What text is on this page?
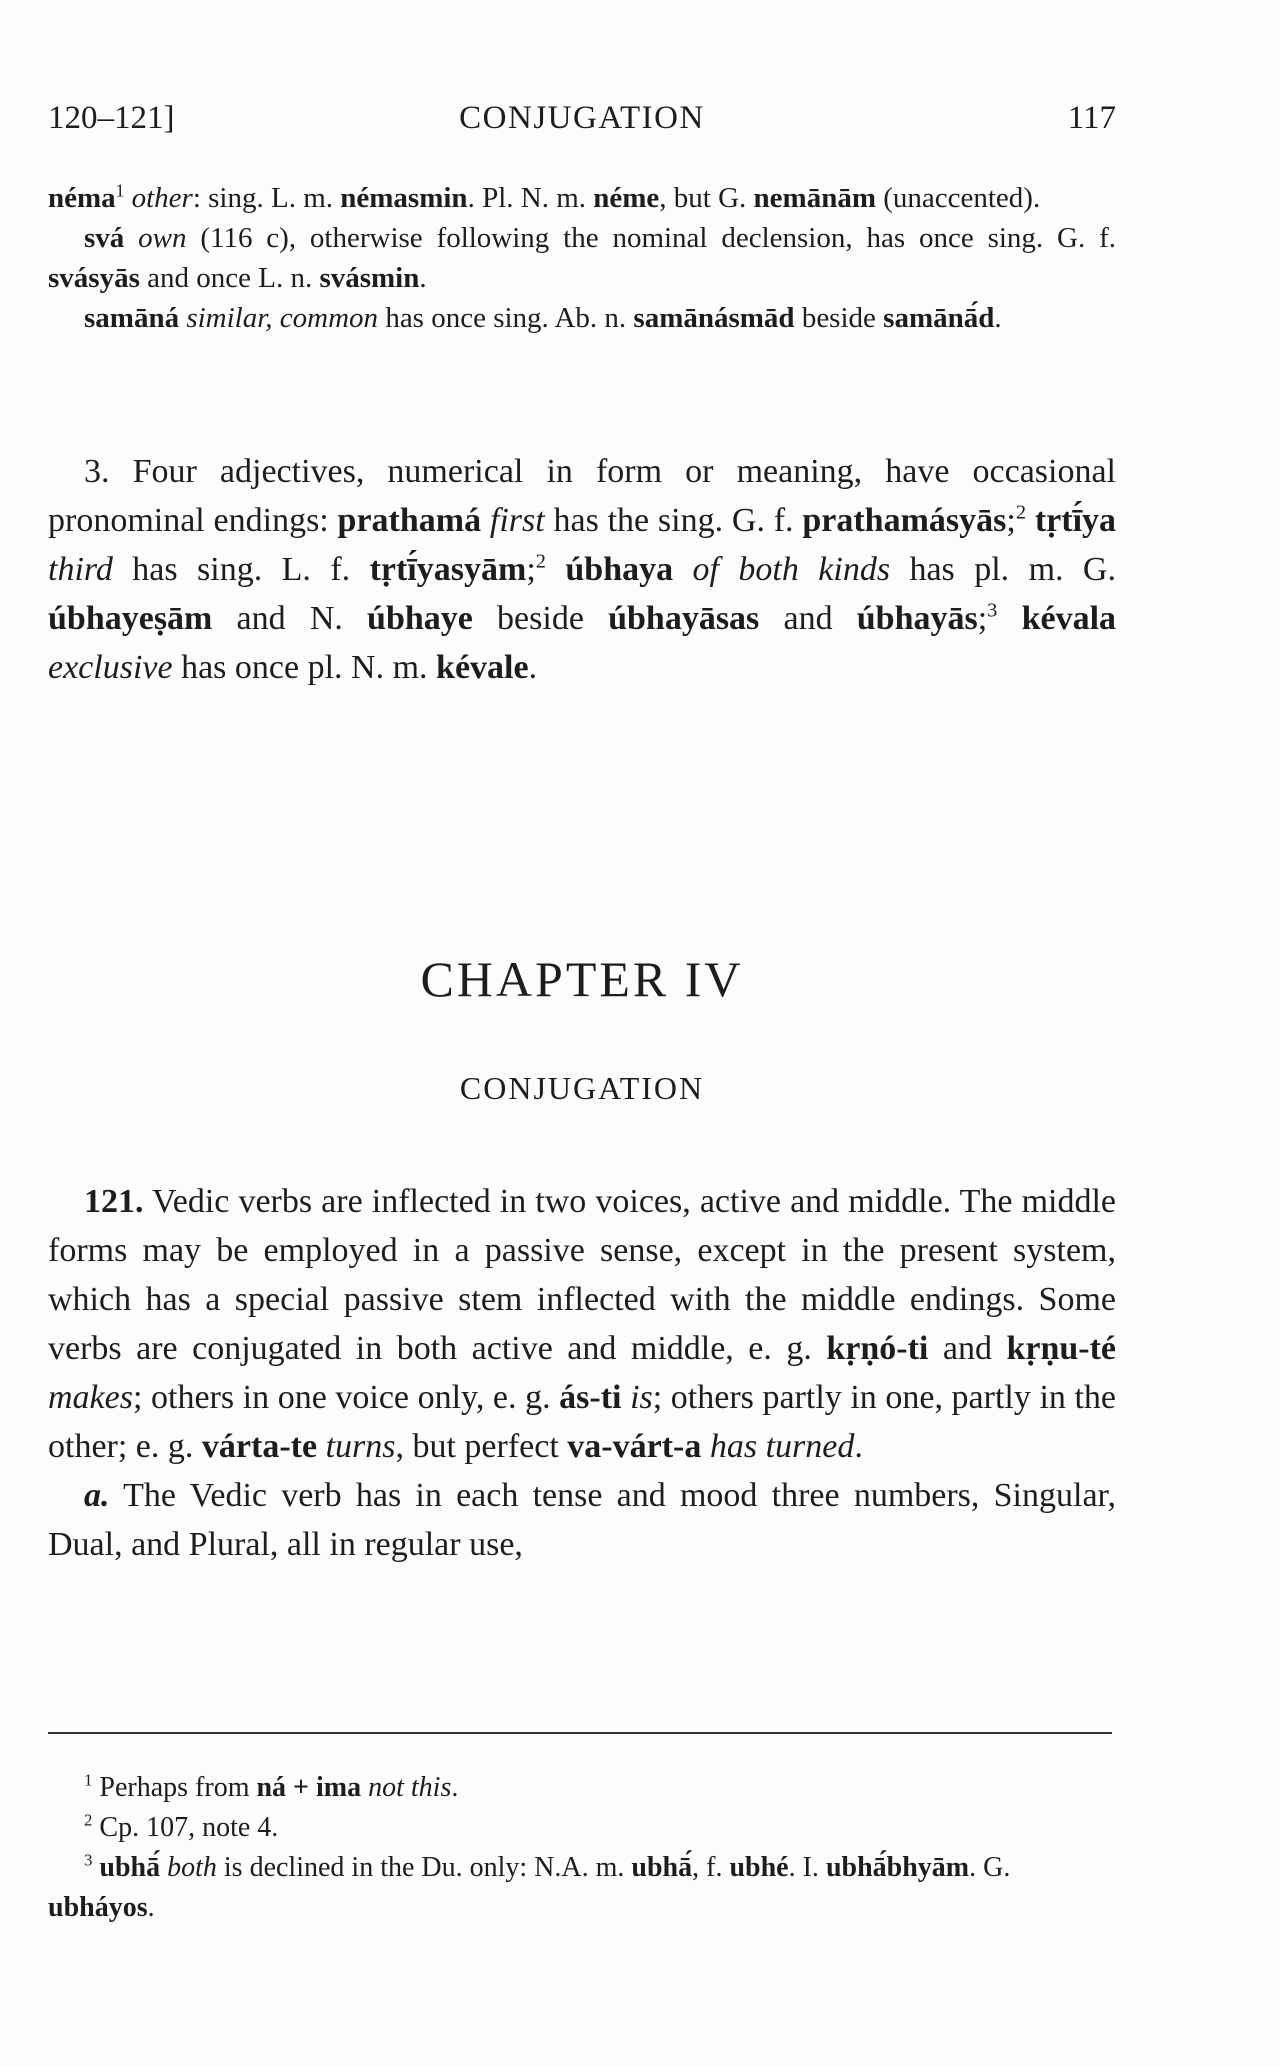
120–121]	CONJUGATION	117

néma$^1$ other: sing. L. m. némasmin. Pl. N. m. néme, but G. nemānām (unaccented).

svá own (116 c), otherwise following the nominal declension, has once sing. G. f. svásyās and once L. n. svásmin.

samāná similar, common has once sing. Ab. n. samānásmād beside samānā́d.

3. Four adjectives, numerical in form or meaning, have occasional pronominal endings: prathamá first has the sing. G. f. prathamásyās;$^2$ tṛtī́ya third has sing. L. f. tṛtī́yasyām;$^2$ úbhaya of both kinds has pl. m. G. úbhayeṣām and N. úbhaye beside úbhayāsas and úbhayās;$^3$ kévala exclusive has once pl. N. m. kévale.

CHAPTER IV
CONJUGATION

121. Vedic verbs are inflected in two voices, active and middle. The middle forms may be employed in a passive sense, except in the present system, which has a special passive stem inflected with the middle endings. Some verbs are conjugated in both active and middle, e. g. kṛṇó-ti and kṛṇu-té makes; others in one voice only, e. g. ás-ti is; others partly in one, partly in the other; e. g. várta-te turns, but perfect va-várt-a has turned.

a. The Vedic verb has in each tense and mood three numbers, Singular, Dual, and Plural, all in regular use,

$^1$ Perhaps from ná + ima not this.

$^2$ Cp. 107, note 4.

$^3$ ubhā́ both is declined in the Du. only: N.A. m. ubhā́, f. ubhé. I. ubhā́bhyām. G. ubháyos.
